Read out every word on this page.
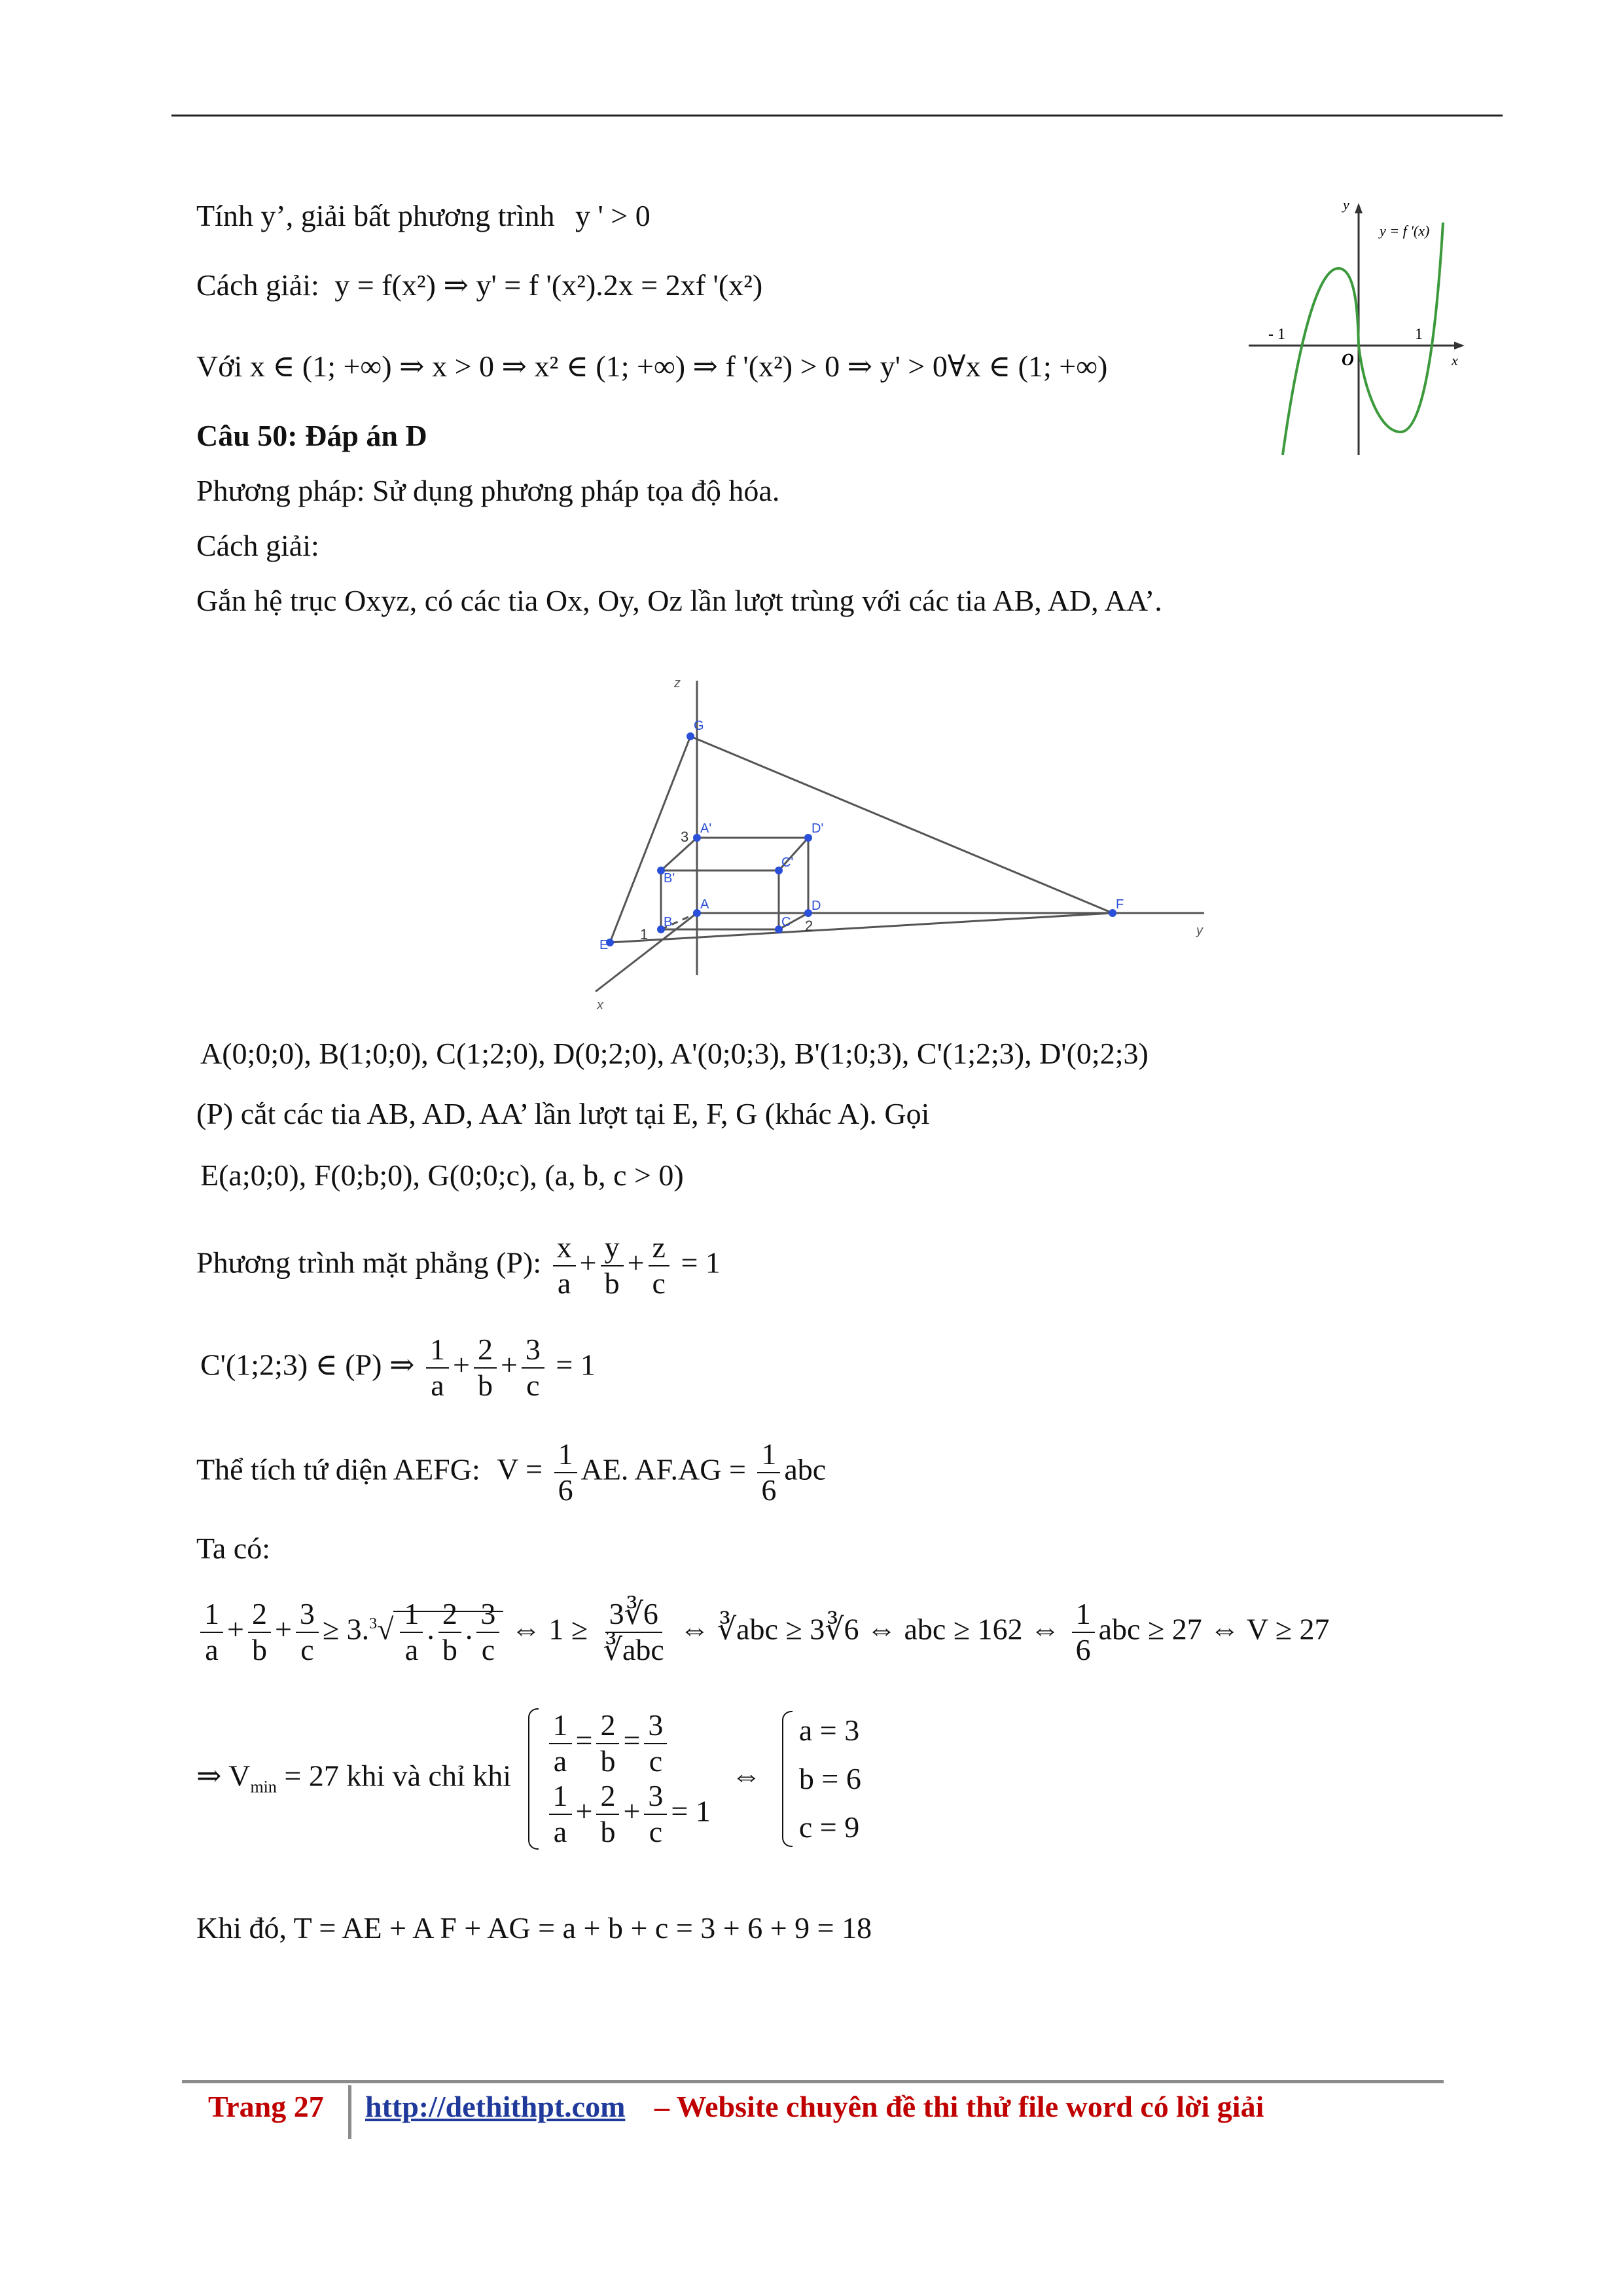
Tính y’, giải bất phương trình y ' > 0
Cách giải: y = f(x²) ⇒ y' = f '(x²).2x = 2xf '(x²)
Với x ∈ (1; +∞) ⇒ x > 0 ⇒ x² ∈ (1; +∞) ⇒ f '(x²) > 0 ⇒ y' > 0∀x ∈ (1; +∞)
y
x
O
- 1	1
y = f '(x)
Câu 50: Đáp án D
Phương pháp: Sử dụng phương pháp tọa độ hóa.
Cách giải:
Gắn hệ trục Oxyz, có các tia Ox, Oy, Oz lần lượt trùng với các tia AB, AD, AA’.
z
y
x
G
A'	D'
B'
C'
A
B	C
D
E
F
3
2
1
A(0;0;0), B(1;0;0), C(1;2;0), D(0;2;0), A'(0;0;3), B'(1;0;3), C'(1;2;3), D'(0;2;3)
(P) cắt các tia AB, AD, AA’ lần lượt tại E, F, G (khác A). Gọi
E(a;0;0), F(0;b;0), G(0;0;c), (a, b, c > 0)
Phương trình mặt phẳng (P): $\frac{x}{a} + \frac{y}{b} + \frac{z}{c} = 1$
C'(1;2;3) ∈ (P) ⇒ $\frac{1}{a} + \frac{2}{b} + \frac{3}{c} = 1$
Thể tích tứ diện AEFG: $V = \frac{1}{6}$ AE. $AF.AG = \frac{1}{6}$ abc
Ta có:
$\frac{1}{a} + \frac{2}{b} + \frac{3}{c} \ge 3.^3√ \frac{1}{a}$ . $\frac{2}{b}$ . $\frac{3}{c}$ ⇔ $1 \ge \frac{3∛6}{\text{∛abc}}$ ⇔ ∛abc ≥ 3∛6 ⇔ abc ≥ 162 ⇔ $\frac{1}{6}$ abc ≥ 27 ⇔ V ≥ 27
⇒ $V_{min} = 27$ khi và chỉ khi $\frac{1}{a} = \frac{2}{b} = \frac{3}{c}$
$\frac{1}{a} + \frac{2}{b} + \frac{3}{c} = 1$
⇔
a = 3
b = 6
c = 9
Khi đó, T = AE + A F + AG = a + b + c = 3 + 6 + 9 = 18
Trang 27 http://dethithpt.com – Website chuyên đề thi thử file word có lời giải
